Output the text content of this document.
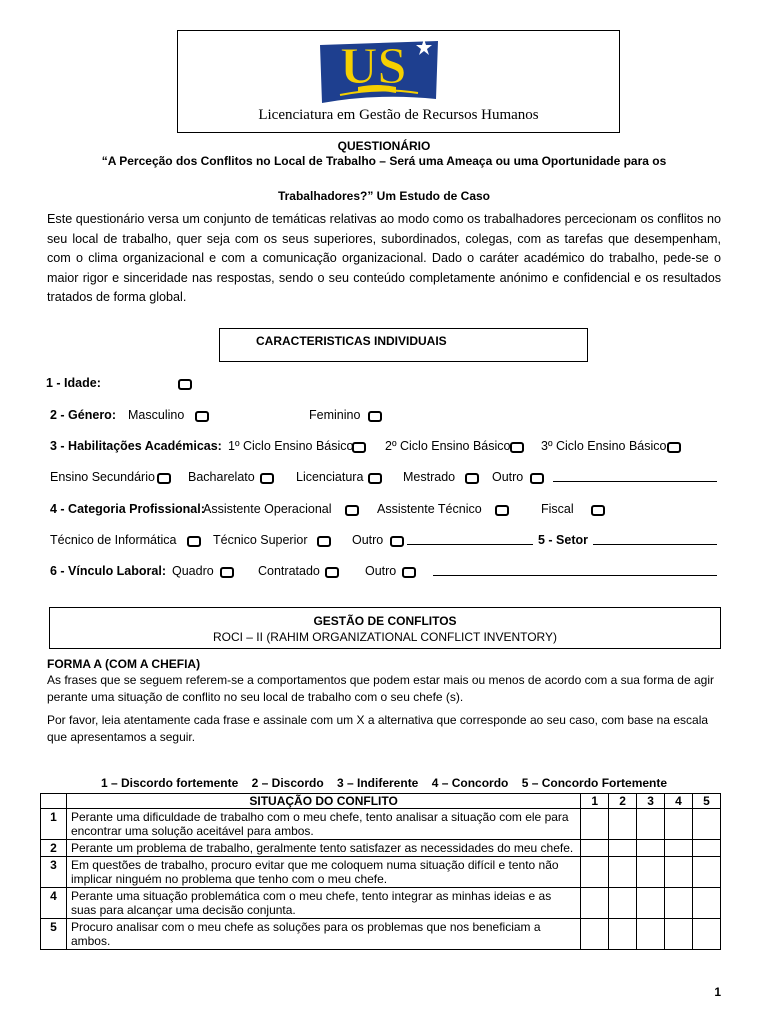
US
Licenciatura em Gestão de Recursos Humanos
QUESTIONÁRIO
“A Perceção dos Conflitos no Local de Trabalho – Será uma Ameaça ou uma Oportunidade para os
Trabalhadores?” Um Estudo de Caso
Este questionário versa um conjunto de temáticas relativas ao modo como os trabalhadores percecionam os conflitos no seu local de trabalho, quer seja com os seus superiores, subordinados, colegas, com as tarefas que desempenham, com o clima organizacional e com a comunicação organizacional. Dado o caráter académico do trabalho, pede-se o maior rigor e sinceridade nas respostas, sendo o seu conteúdo completamente anónimo e confidencial e os resultados tratados de forma global.
CARACTERISTICAS INDIVIDUAIS
1 - Idade:
2 - Género: Masculino	Feminino
3 - Habilitações Académicas: 1º Ciclo Ensino Básico	2º Ciclo Ensino Básico 3º Ciclo Ensino Básico
Ensino Secundário	Bacharelato	Licenciatura	Mestrado	Outro
4 - Categoria Profissional:
Assistente Operacional	Assistente Técnico	Fiscal
Técnico de Informática	Técnico Superior	Outro	5 - Setor
6 - Vínculo Laboral: Quadro	Contratado	Outro
GESTÃO DE CONFLITOS
ROCI – II (RAHIM ORGANIZATIONAL CONFLICT INVENTORY)
FORMA A (COM A CHEFIA)
As frases que se seguem referem-se a comportamentos que podem estar mais ou menos de acordo com a sua forma de agir perante uma situação de conflito no seu local de trabalho com o seu chefe (s).
Por favor, leia atentamente cada frase e assinale com um X a alternativa que corresponde ao seu caso, com base na escala que apresentamos a seguir.
1 – Discordo fortemente    2 – Discordo    3 – Indiferente    4 – Concordo    5 – Concordo Fortemente
	SITUAÇÃO DO CONFLITO	1	2	3	4	5
1	Perante uma dificuldade de trabalho com o meu chefe, tento analisar a situação com ele para encontrar uma solução aceitável para ambos.					
2	Perante um problema de trabalho, geralmente tento satisfazer as necessidades do meu chefe.					
3	Em questões de trabalho, procuro evitar que me coloquem numa situação difícil e tento não implicar ninguém no problema que tenho com o meu chefe.					
4	Perante uma situação problemática com o meu chefe, tento integrar as minhas ideias e as suas para alcançar uma decisão conjunta.					
5	Procuro analisar com o meu chefe as soluções para os problemas que nos beneficiam a ambos.					
1
